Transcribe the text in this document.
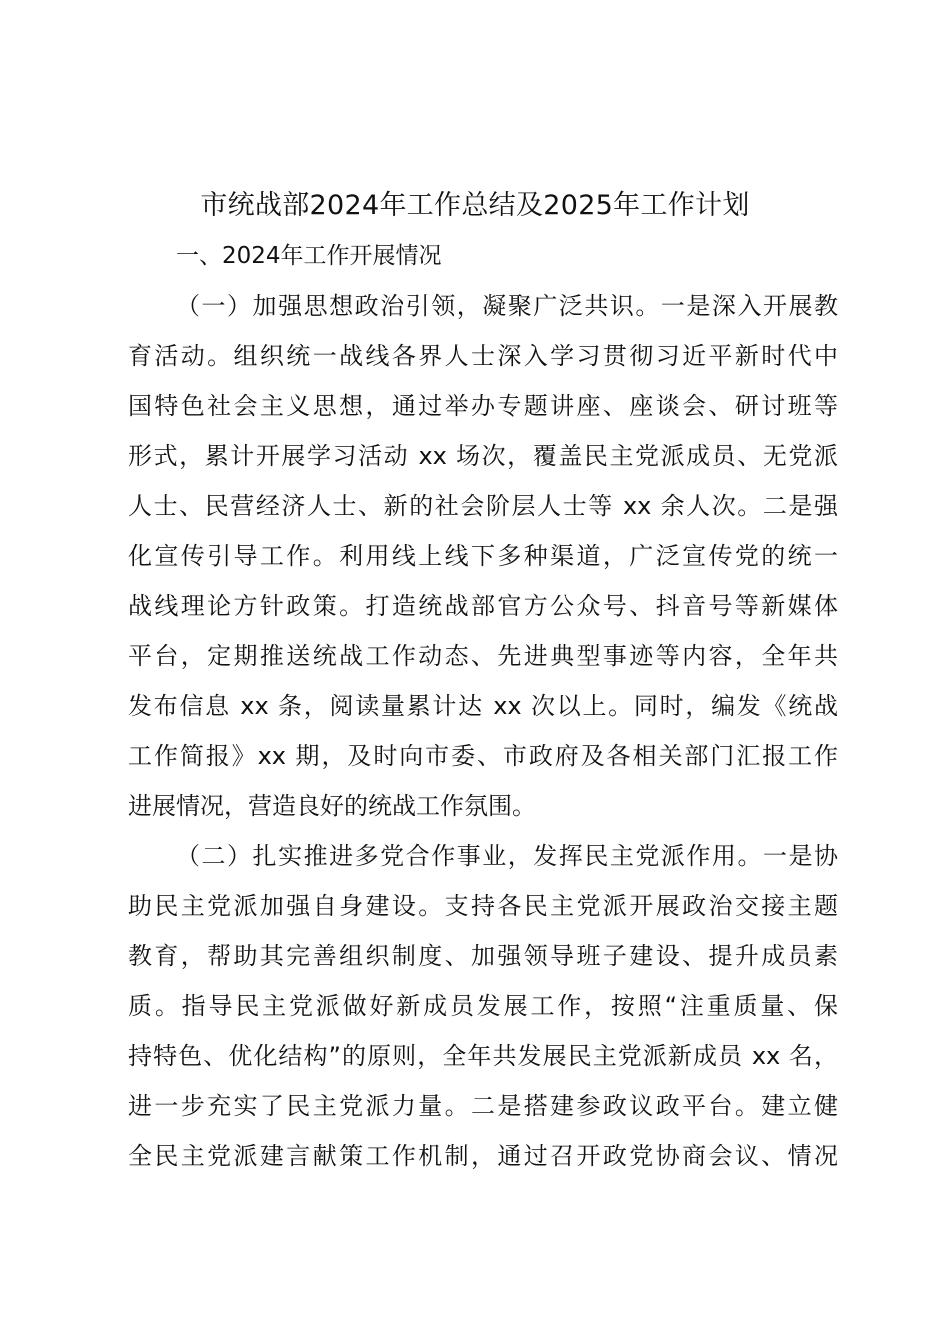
市统战部2024年工作总结及2025年工作计划
一、2024年工作开展情况
（一）加强思想政治引领，凝聚广泛共识。一是深入开展教
育活动。组织统一战线各界人士深入学习贯彻习近平新时代中
国特色社会主义思想，通过举办专题讲座、座谈会、研讨班等
形式，累计开展学习活动 xx 场次，覆盖民主党派成员、无党派
人士、民营经济人士、新的社会阶层人士等 xx 余人次。二是强
化宣传引导工作。利用线上线下多种渠道，广泛宣传党的统一
战线理论方针政策。打造统战部官方公众号、抖音号等新媒体
平台，定期推送统战工作动态、先进典型事迹等内容，全年共
发布信息 xx 条，阅读量累计达 xx 次以上。同时，编发《统战
工作简报》xx 期，及时向市委、市政府及各相关部门汇报工作
进展情况，营造良好的统战工作氛围。
（二）扎实推进多党合作事业，发挥民主党派作用。一是协
助民主党派加强自身建设。支持各民主党派开展政治交接主题
教育，帮助其完善组织制度、加强领导班子建设、提升成员素
质。指导民主党派做好新成员发展工作，按照“注重质量、保
持特色、优化结构”的原则，全年共发展民主党派新成员 xx 名，
进一步充实了民主党派力量。二是搭建参政议政平台。建立健
全民主党派建言献策工作机制，通过召开政党协商会议、情况
